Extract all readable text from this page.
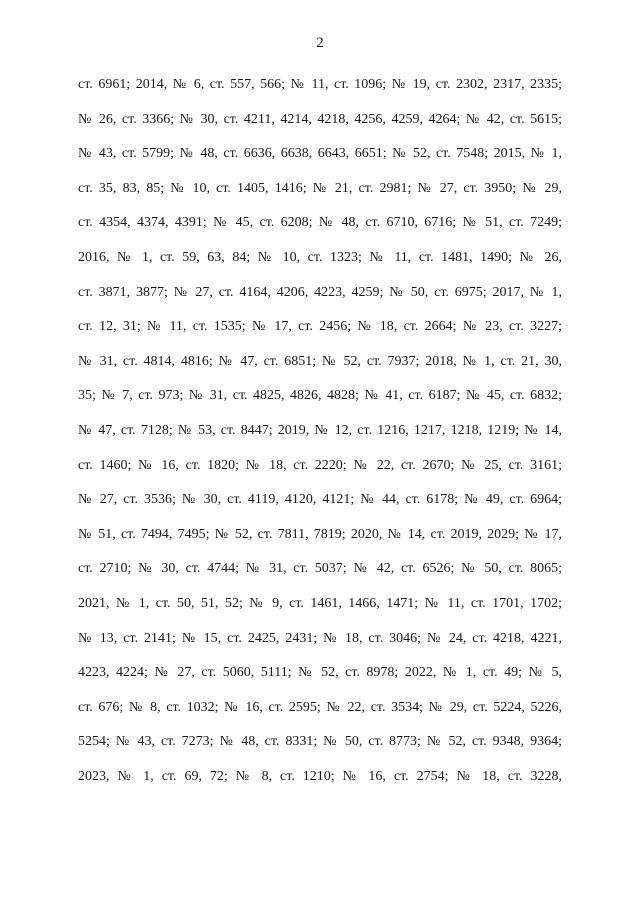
2
ст. 6961; 2014, № 6, ст. 557, 566; № 11, ст. 1096; № 19, ст. 2302, 2317, 2335;
№ 26, ст. 3366; № 30, ст. 4211, 4214, 4218, 4256, 4259, 4264; № 42, ст. 5615;
№ 43, ст. 5799; № 48, ст. 6636, 6638, 6643, 6651; № 52, ст. 7548; 2015, № 1,
ст. 35, 83, 85; № 10, ст. 1405, 1416; № 21, ст. 2981; № 27, ст. 3950; № 29,
ст. 4354, 4374, 4391; № 45, ст. 6208; № 48, ст. 6710, 6716; № 51, ст. 7249;
2016, № 1, ст. 59, 63, 84; № 10, ст. 1323; № 11, ст. 1481, 1490; № 26,
ст. 3871, 3877; № 27, ст. 4164, 4206, 4223, 4259; № 50, ст. 6975; 2017, № 1,
ст. 12, 31; № 11, ст. 1535; № 17, ст. 2456; № 18, ст. 2664; № 23, ст. 3227;
№ 31, ст. 4814, 4816; № 47, ст. 6851; № 52, ст. 7937; 2018, № 1, ст. 21, 30,
35; № 7, ст. 973; № 31, ст. 4825, 4826, 4828; № 41, ст. 6187; № 45, ст. 6832;
№ 47, ст. 7128; № 53, ст. 8447; 2019, № 12, ст. 1216, 1217, 1218, 1219; № 14,
ст. 1460; № 16, ст. 1820; № 18, ст. 2220; № 22, ст. 2670; № 25, ст. 3161;
№ 27, ст. 3536; № 30, ст. 4119, 4120, 4121; № 44, ст. 6178; № 49, ст. 6964;
№ 51, ст. 7494, 7495; № 52, ст. 7811, 7819; 2020, № 14, ст. 2019, 2029; № 17,
ст. 2710; № 30, ст. 4744; № 31, ст. 5037; № 42, ст. 6526; № 50, ст. 8065;
2021, № 1, ст. 50, 51, 52; № 9, ст. 1461, 1466, 1471; № 11, ст. 1701, 1702;
№ 13, ст. 2141; № 15, ст. 2425, 2431; № 18, ст. 3046; № 24, ст. 4218, 4221,
4223, 4224; № 27, ст. 5060, 5111; № 52, ст. 8978; 2022, № 1, ст. 49; № 5,
ст. 676; № 8, ст. 1032; № 16, ст. 2595; № 22, ст. 3534; № 29, ст. 5224, 5226,
5254; № 43, ст. 7273; № 48, ст. 8331; № 50, ст. 8773; № 52, ст. 9348, 9364;
2023, № 1, ст. 69, 72; № 8, ст. 1210; № 16, ст. 2754; № 18, ст. 3228,
